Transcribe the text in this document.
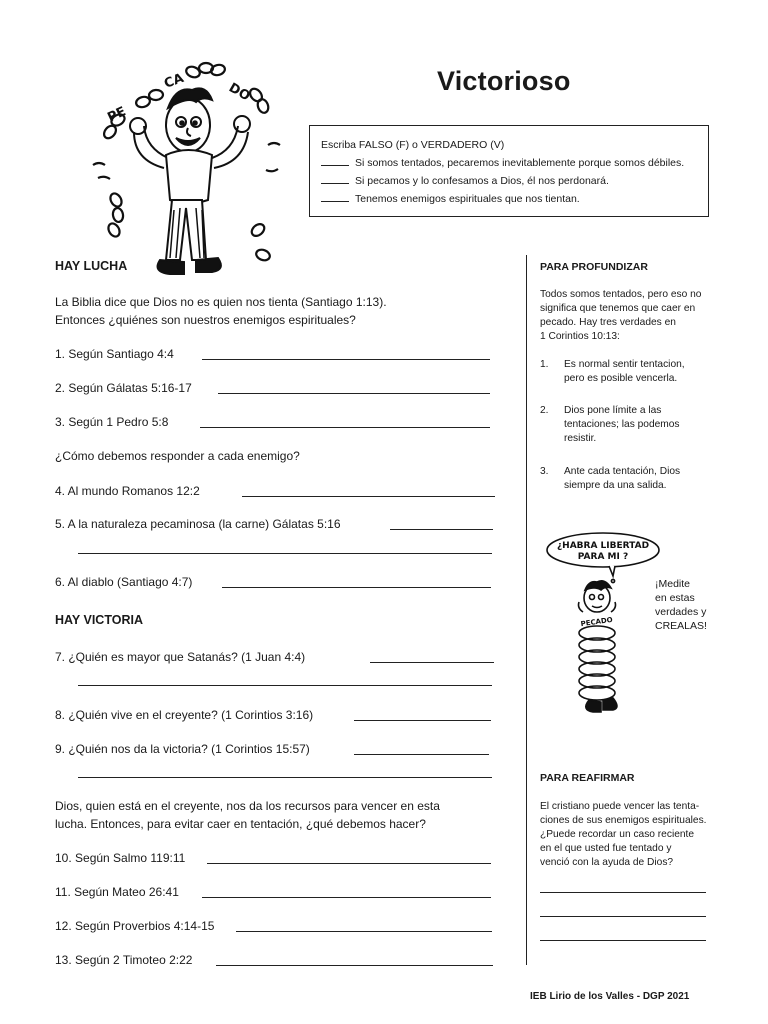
PE
CA	DO	Victorioso
Escriba FALSO (F) o VERDADERO (V)
Si somos tentados, pecaremos inevitablemente porque somos débiles.
Si pecamos y lo confesamos a Dios, él nos perdonará.
Tenemos enemigos espirituales que nos tientan.
HAY LUCHA
La Biblia dice que Dios no es quien nos tienta (Santiago 1:13).
Entonces ¿quiénes son nuestros enemigos espirituales?
1. Según Santiago 4:4
2. Según Gálatas 5:16-17
3. Según 1 Pedro 5:8
¿Cómo debemos responder a cada enemigo?
4. Al mundo Romanos 12:2
5. A la naturaleza pecaminosa (la carne) Gálatas 5:16
6. Al diablo (Santiago 4:7)
HAY VICTORIA
7. ¿Quién es mayor que Satanás? (1 Juan 4:4)
8. ¿Quién vive en el creyente? (1 Corintios 3:16)
9. ¿Quién nos da la victoria? (1 Corintios 15:57)
Dios, quien está en el creyente, nos da los recursos para vencer en esta
lucha. Entonces, para evitar caer en tentación, ¿qué debemos hacer?
10. Según Salmo 119:11
11. Según Mateo 26:41
12. Según Proverbios 4:14-15
13. Según 2 Timoteo 2:22
PARA PROFUNDIZAR
Todos somos tentados, pero eso no
significa que tenemos que caer en
pecado. Hay tres verdades en
1 Corintios 10:13:
1. Es normal sentir tentacion,
pero es posible vencerla.
2. Dios pone límite a las
tentaciones; las podemos
resistir.
3. Ante cada tentación, Dios
siempre da una salida.
¿HABRA LIBERTAD
PARA MI ?
PECADO
¡Medite
en estas
verdades y
CREALAS!
PARA REAFIRMAR
El cristiano puede vencer las tenta-
ciones de sus enemigos espirituales.
¿Puede recordar un caso reciente
en el que usted fue tentado y
venció con la ayuda de Dios?
IEB Lirio de los Valles - DGP 2021
